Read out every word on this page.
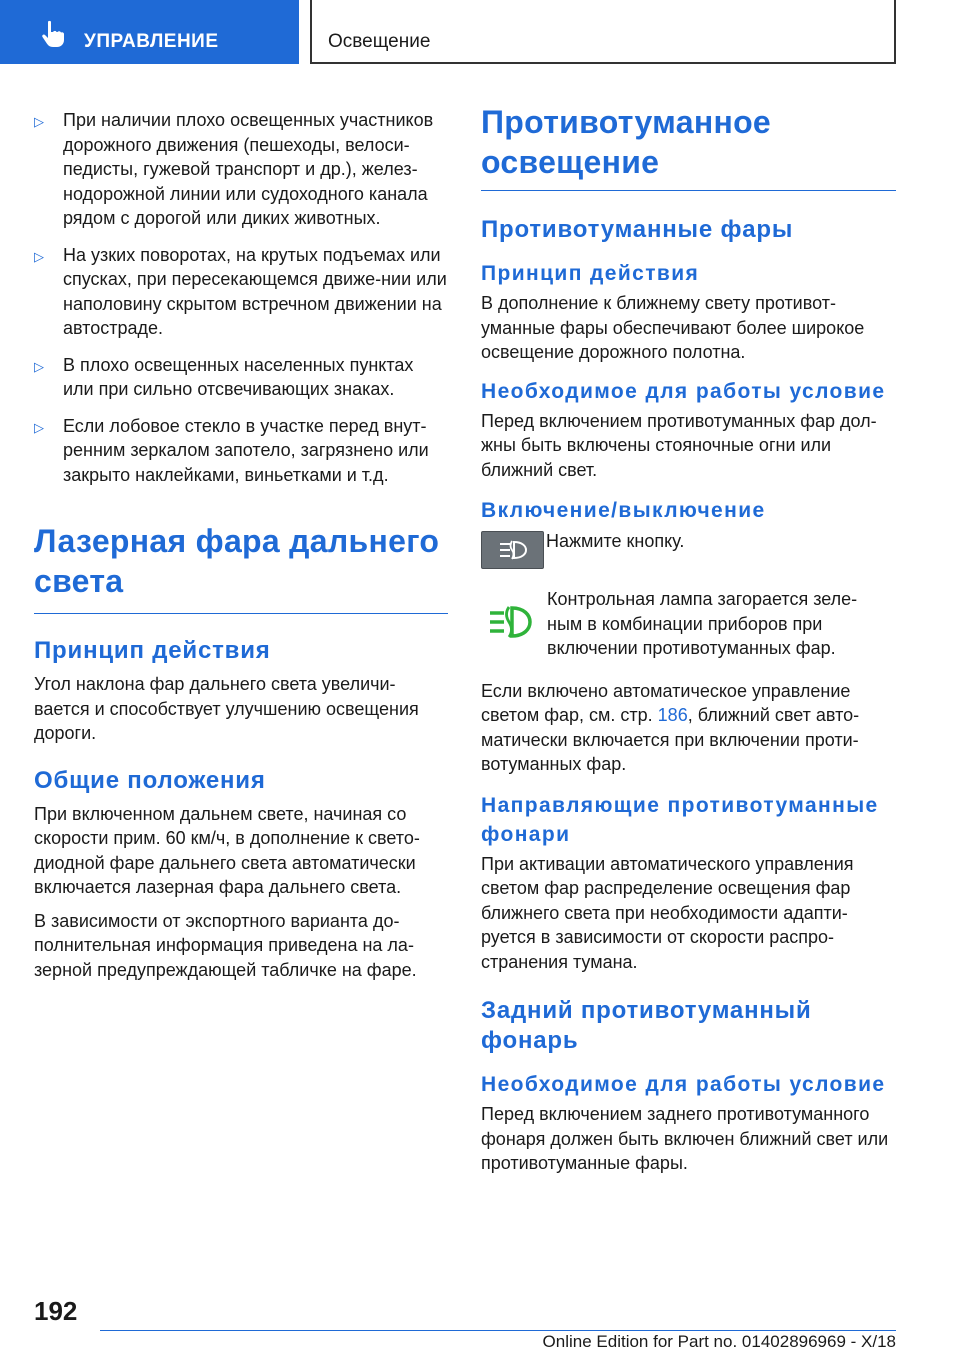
УПРАВЛЕНИЕ	Освещение
▷ При наличии плохо освещенных участников дорожного движения (пешеходы, велоси-педисты, гужевой транспорт и др.), желез-нодорожной линии или судоходного канала рядом с дорогой или диких животных.
▷ На узких поворотах, на крутых подъемах или спусках, при пересекающемся движе-нии или наполовину скрытом встречном движении на автостраде.
▷ В плохо освещенных населенных пунктах или при сильно отсвечивающих знаках.
▷ Если лобовое стекло в участке перед внут-ренним зеркалом запотело, загрязнено или закрыто наклейками, виньетками и т.д.
Лазерная фара дальнего света
Принцип действия
Угол наклона фар дальнего света увеличи-вается и способствует улучшению освещения дороги.
Общие положения
При включенном дальнем свете, начиная со скорости прим. 60 км/ч, в дополнение к свето-диодной фаре дальнего света автоматически включается лазерная фара дальнего света.
В зависимости от экспортного варианта до-полнительная информация приведена на ла-зерной предупреждающей табличке на фаре.
Противотуманное освещение
Противотуманные фары
Принцип действия
В дополнение к ближнему свету противот-уманные фары обеспечивают более широкое освещение дорожного полотна.
Необходимое для работы условие
Перед включением противотуманных фар дол-жны быть включены стояночные огни или ближний свет.
Включение/выключение
Нажмите кнопку.
Контрольная лампа загорается зеле-ным в комбинации приборов при включении противотуманных фар.
Если включено автоматическое управление светом фар, см. стр. 186, ближний свет авто-матически включается при включении проти-вотуманных фар.
Направляющие противотуманные фонари
При активации автоматического управления светом фар распределение освещения фар ближнего света при необходимости адапти-руется в зависимости от скорости распро-странения тумана.
Задний противотуманный фонарь
Необходимое для работы условие
Перед включением заднего противотуманного фонаря должен быть включен ближний свет или противотуманные фары.
192
Online Edition for Part no. 01402896969 - X/18
